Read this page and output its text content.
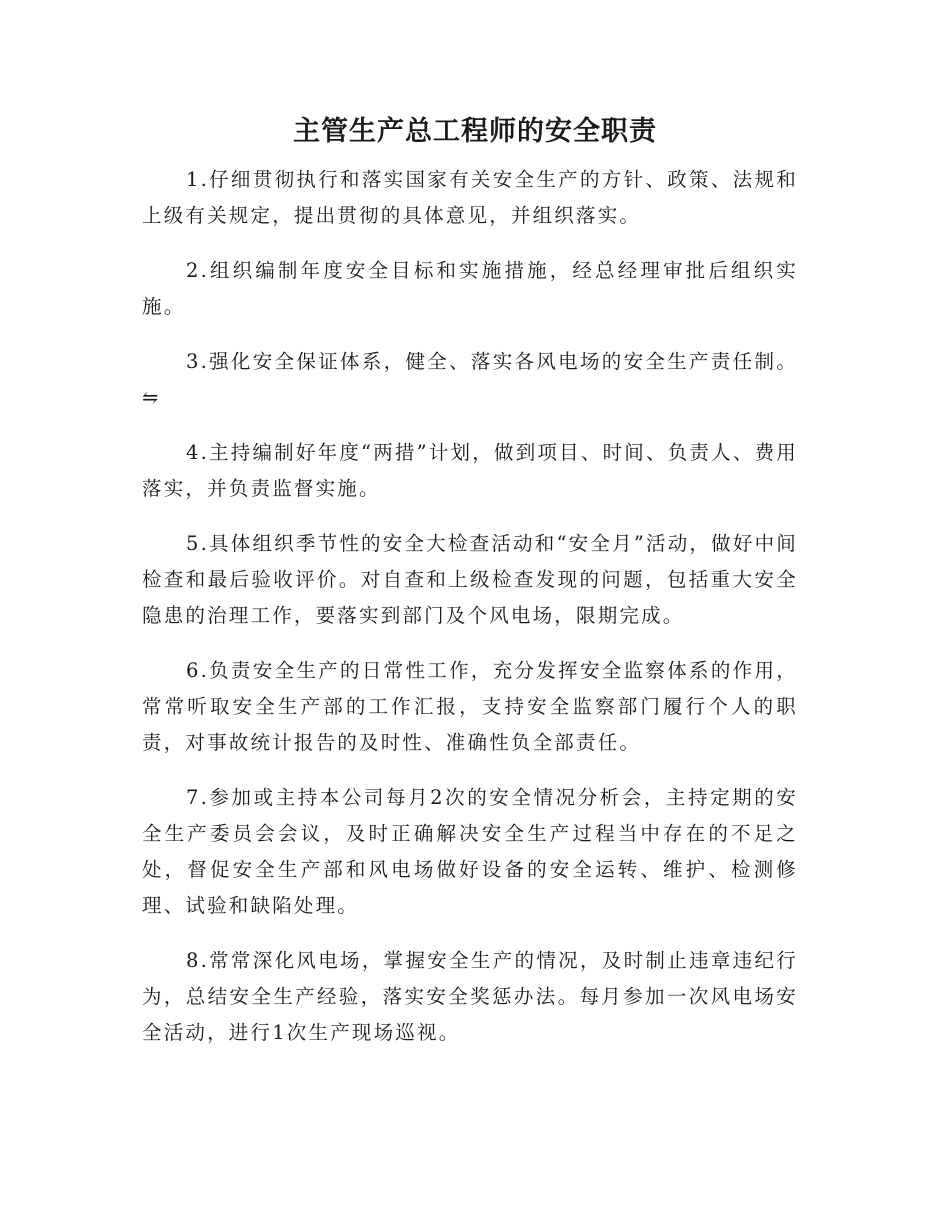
主管生产总工程师的安全职责

1.仔细贯彻执行和落实国家有关安全生产的方针、政策、法规和上级有关规定，提出贯彻的具体意见，并组织落实。

2.组织编制年度安全目标和实施措施，经总经理审批后组织实施。

3.强化安全保证体系，健全、落实各风电场的安全生产责任制。⇋

4.主持编制好年度“两措”计划，做到项目、时间、负责人、费用落实，并负责监督实施。

5.具体组织季节性的安全大检查活动和“安全月”活动，做好中间检查和最后验收评价。对自查和上级检查发现的问题，包括重大安全隐患的治理工作，要落实到部门及个风电场，限期完成。

6.负责安全生产的日常性工作，充分发挥安全监察体系的作用，常常听取安全生产部的工作汇报，支持安全监察部门履行个人的职责，对事故统计报告的及时性、准确性负全部责任。

7.参加或主持本公司每月2次的安全情况分析会，主持定期的安全生产委员会会议，及时正确解决安全生产过程当中存在的不足之处，督促安全生产部和风电场做好设备的安全运转、维护、检测修理、试验和缺陷处理。

8.常常深化风电场，掌握安全生产的情况，及时制止违章违纪行为，总结安全生产经验，落实安全奖惩办法。每月参加一次风电场安全活动，进行1次生产现场巡视。
